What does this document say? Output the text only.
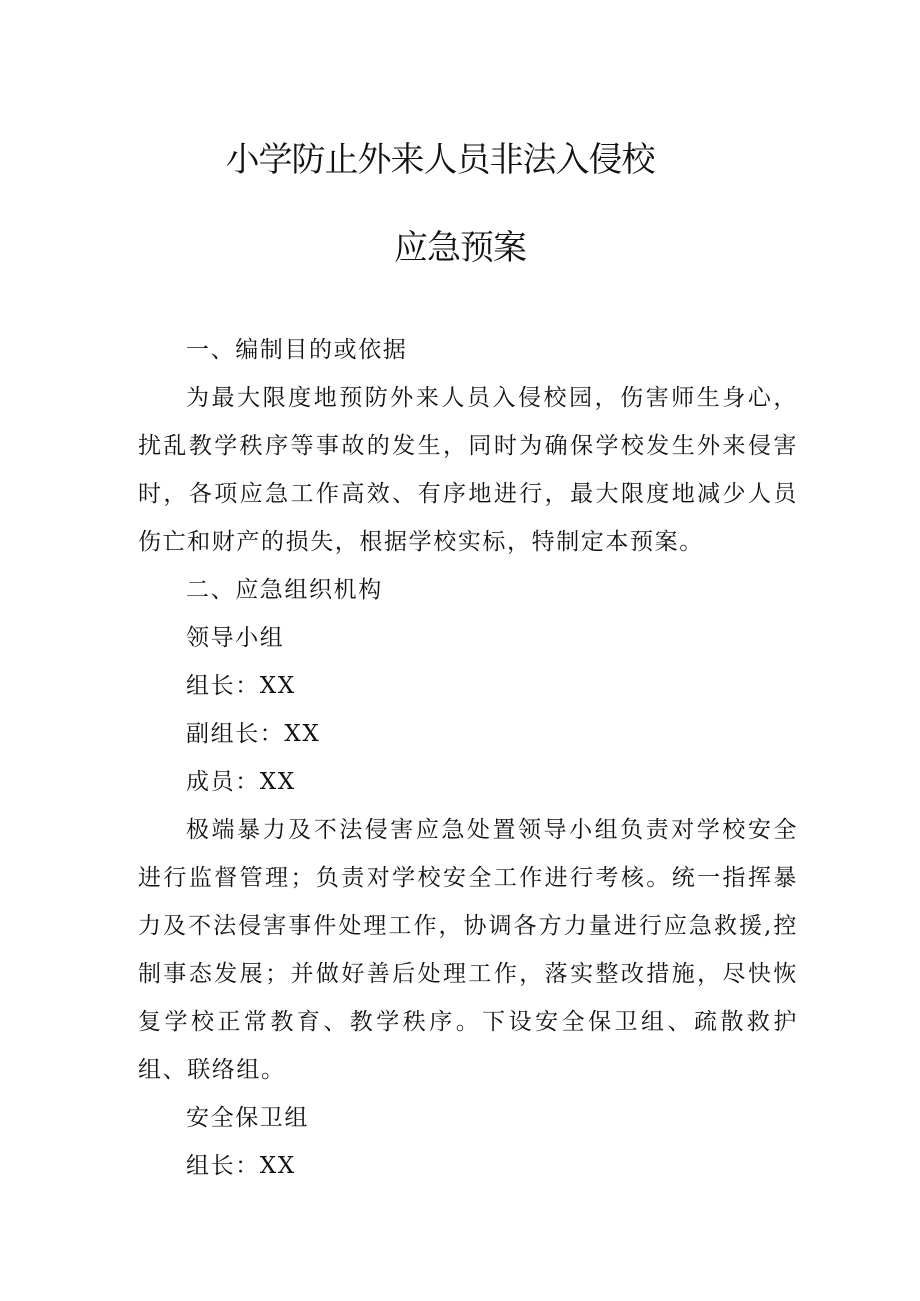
小学防止外来人员非法入侵校
应急预案

一、编制目的或依据

为最大限度地预防外来人员入侵校园，伤害师生身心，扰乱教学秩序等事故的发生，同时为确保学校发生外来侵害时，各项应急工作高效、有序地进行，最大限度地减少人员伤亡和财产的损失，根据学校实标，特制定本预案。

二、应急组织机构

领导小组

组长：XX

副组长：XX

成员：XX

极端暴力及不法侵害应急处置领导小组负责对学校安全进行监督管理；负责对学校安全工作进行考核。统一指挥暴力及不法侵害事件处理工作，协调各方力量进行应急救援,控制事态发展；并做好善后处理工作，落实整改措施，尽快恢复学校正常教育、教学秩序。下设安全保卫组、疏散救护组、联络组。

安全保卫组

组长：XX
